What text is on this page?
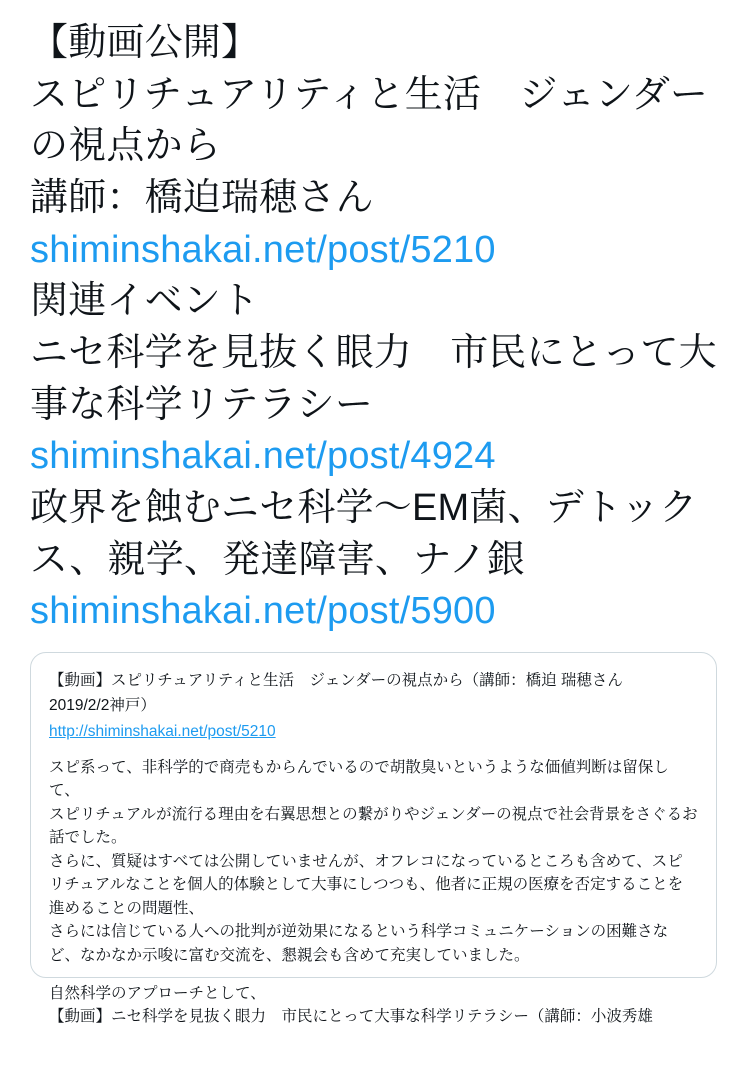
【動画公開】
スピリチュアリティと生活　ジェンダーの視点から
講師：橋迫瑞穂さん
shiminshakai.net/post/5210
関連イベント
ニセ科学を見抜く眼力　市民にとって大事な科学リテラシー
shiminshakai.net/post/4924
政界を蝕むニセ科学〜EM菌、デトックス、親学、発達障害、ナノ銀
shiminshakai.net/post/5900
【動画】スピリチュアリティと生活　ジェンダーの視点から（講師：橋迫 瑞穂さん
2019/2/2神戸）
http://shiminshakai.net/post/5210

スピ系って、非科学的で商売もからんでいるので胡散臭いというような価値判断は留保して、

スピリチュアルが流行る理由を右翼思想との繋がりやジェンダーの視点で社会背景をさぐるお話でした。

さらに、質疑はすべては公開していませんが、オフレコになっているところも含めて、スピリチュアルなことを個人的体験として大事にしつつも、他者に正規の医療を否定することを進めることの問題性、

さらには信じている人への批判が逆効果になるという科学コミュニケーションの困難さなど、なかなか示唆に富む交流を、懇親会も含めて充実していました。

自然科学のアプローチとして、
【動画】ニセ科学を見抜く眼力　市民にとって大事な科学リテラシー（講師：小波秀雄
